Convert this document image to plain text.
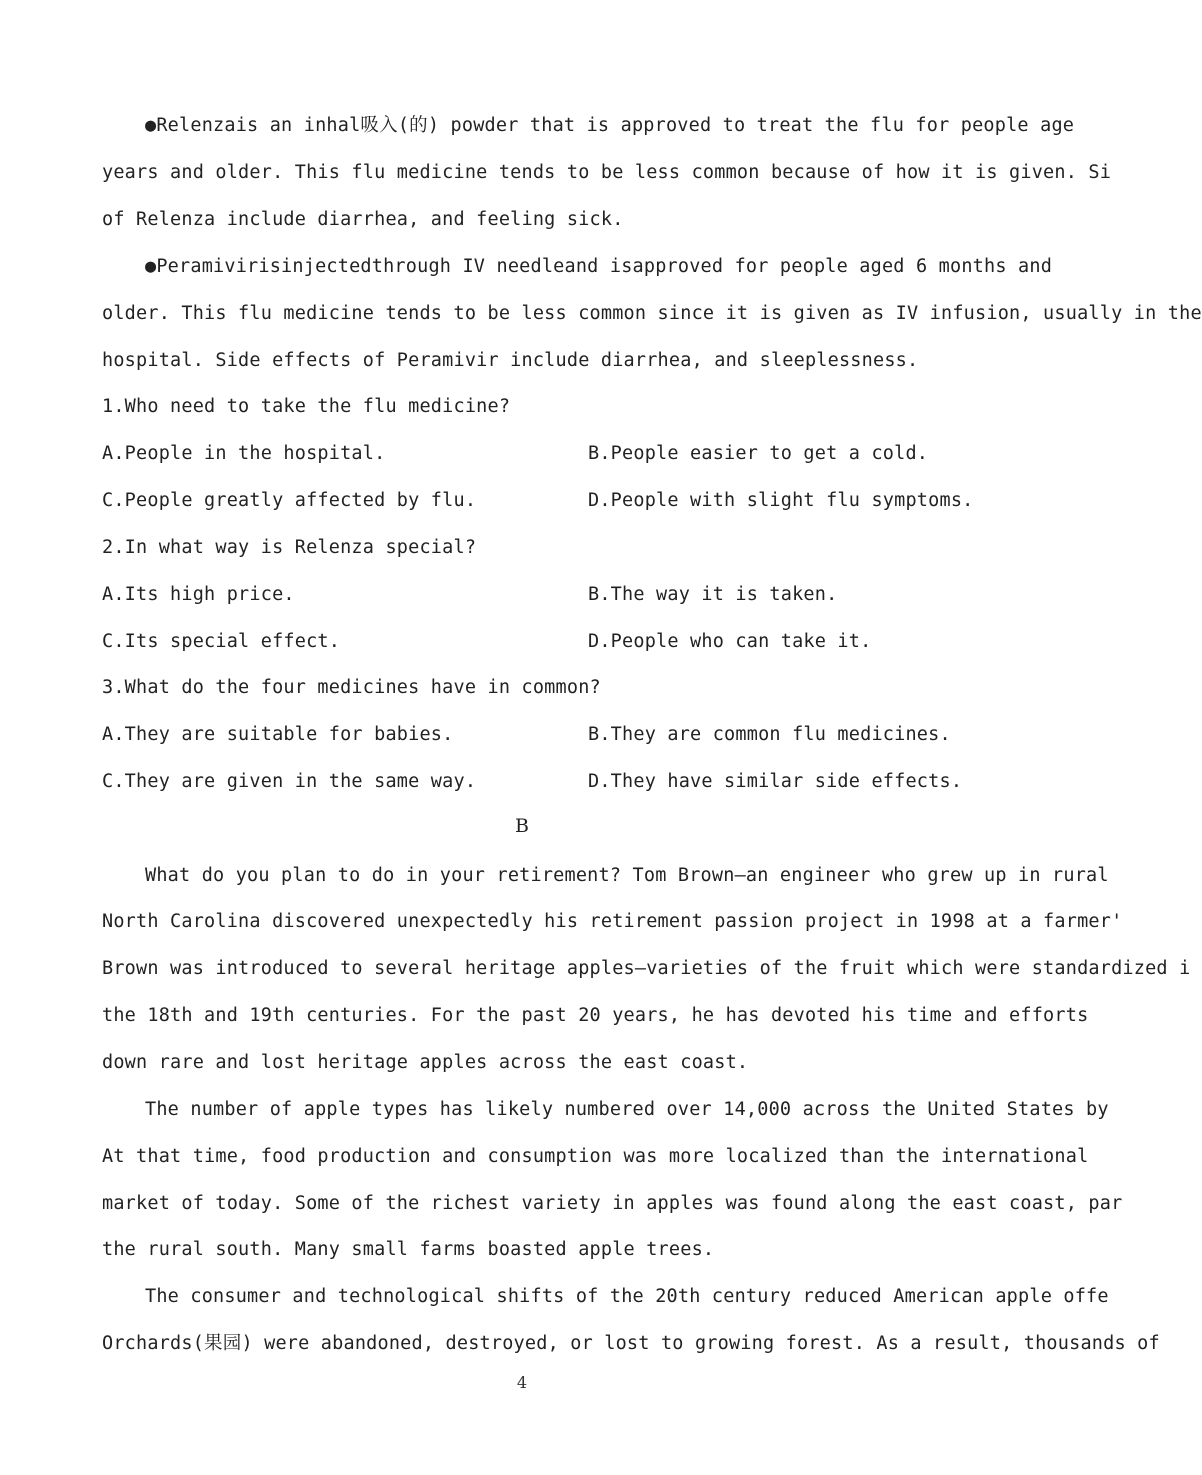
●Relenzais an inhal吸入(的) powder that is approved to treat the flu for people age
years and older. This flu medicine tends to be less common because of how it is given. Si
of Relenza include diarrhea, and feeling sick.
●Peramivirisinjectedthrough IV needleand isapproved for people aged 6 months and
older. This flu medicine tends to be less common since it is given as IV infusion, usually in the
hospital. Side effects of Peramivir include diarrhea, and sleeplessness.
1.Who need to take the flu medicine?
A.People in the hospital.	B.People easier to get a cold.
C.People greatly affected by flu.	D.People with slight flu symptoms.
2.In what way is Relenza special?
A.Its high price.	B.The way it is taken.
C.Its special effect.	D.People who can take it.
3.What do the four medicines have in common?
A.They are suitable for babies.	B.They are common flu medicines.
C.They are given in the same way.	D.They have similar side effects.
B
What do you plan to do in your retirement? Tom Brown—an engineer who grew up in rural
North Carolina discovered unexpectedly his retirement passion project in 1998 at a farmer'
Brown was introduced to several heritage apples—varieties of the fruit which were standardized i
the 18th and 19th centuries. For the past 20 years, he has devoted his time and efforts
down rare and lost heritage apples across the east coast.
The number of apple types has likely numbered over 14,000 across the United States by
At that time, food production and consumption was more localized than the international
market of today. Some of the richest variety in apples was found along the east coast, par
the rural south. Many small farms boasted apple trees.
The consumer and technological shifts of the 20th century reduced American apple offe
Orchards(果园) were abandoned, destroyed, or lost to growing forest. As a result, thousands of
4
